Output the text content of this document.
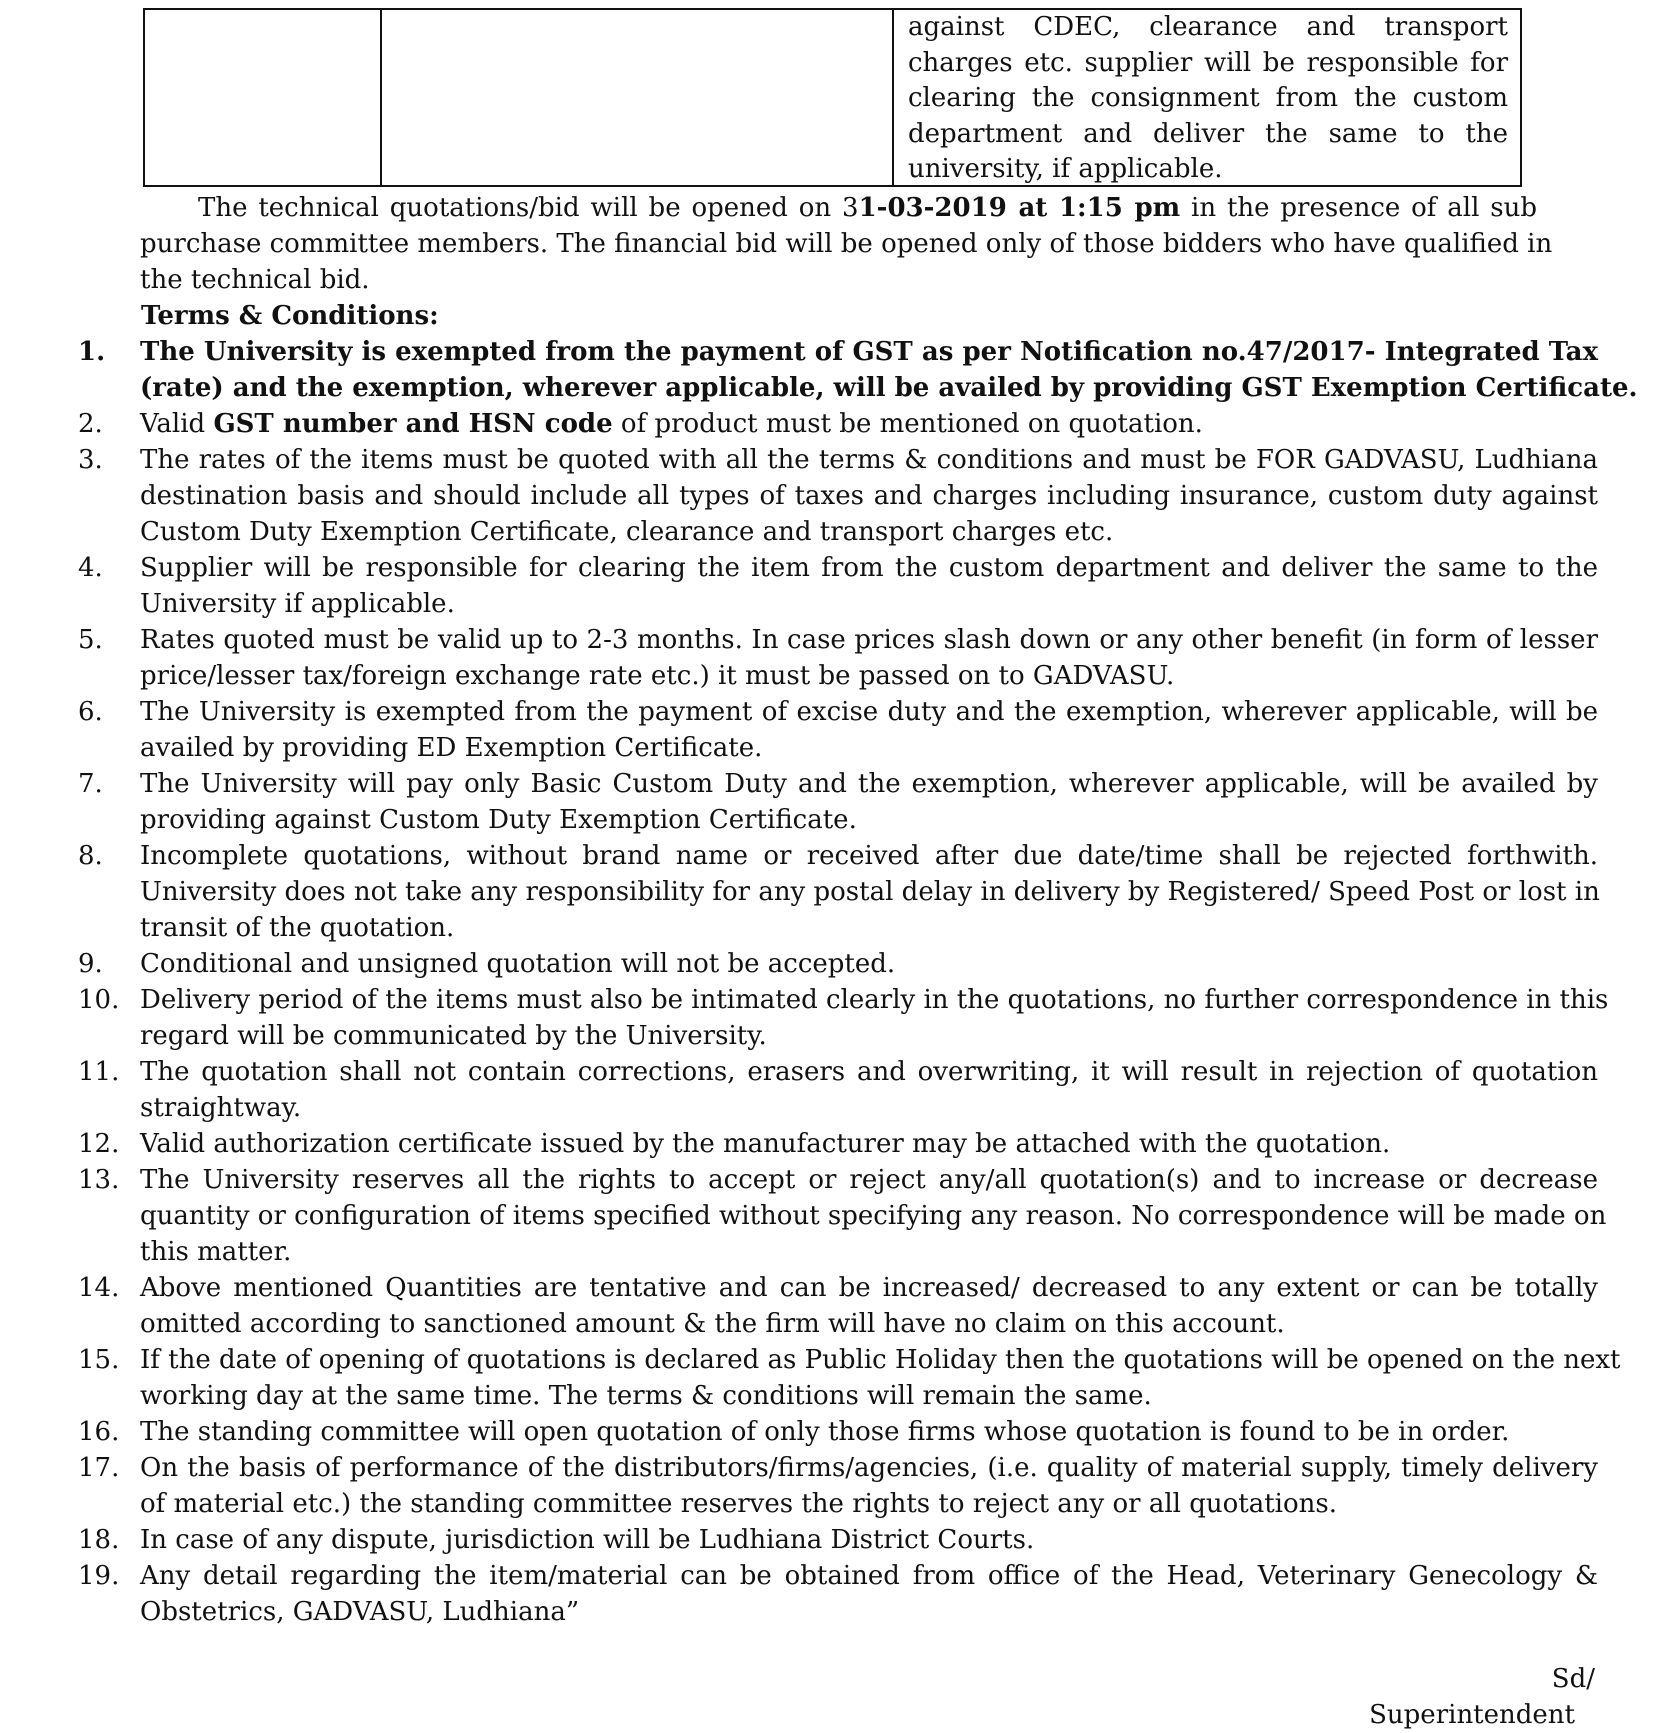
against CDEC, clearance and transport
charges etc. supplier will be responsible for
clearing the consignment from the custom
department and deliver the same to the
university, if applicable.
The technical quotations/bid will be opened on 31-03-2019 at 1:15 pm in the presence of all sub
purchase committee members. The financial bid will be opened only of those bidders who have qualified in
the technical bid.
Terms & Conditions:
1.	The University is exempted from the payment of GST as per Notification no.47/2017- Integrated Tax
(rate) and the exemption, wherever applicable, will be availed by providing GST Exemption Certificate.
2.	Valid GST number and HSN code of product must be mentioned on quotation.
3.	The rates of the items must be quoted with all the terms & conditions and must be FOR GADVASU, Ludhiana
destination basis and should include all types of taxes and charges including insurance, custom duty against
Custom Duty Exemption Certificate, clearance and transport charges etc.
4.	Supplier will be responsible for clearing the item from the custom department and deliver the same to the
University if applicable.
5.	Rates quoted must be valid up to 2-3 months. In case prices slash down or any other benefit (in form of lesser
price/lesser tax/foreign exchange rate etc.) it must be passed on to GADVASU.
6.	The University is exempted from the payment of excise duty and the exemption, wherever applicable, will be
availed by providing ED Exemption Certificate.
7.	The University will pay only Basic Custom Duty and the exemption, wherever applicable, will be availed by
providing against Custom Duty Exemption Certificate.
8.	Incomplete quotations, without brand name or received after due date/time shall be rejected forthwith.
University does not take any responsibility for any postal delay in delivery by Registered/ Speed Post or lost in
transit of the quotation.
9.	Conditional and unsigned quotation will not be accepted.
10. Delivery period of the items must also be intimated clearly in the quotations, no further correspondence in this
regard will be communicated by the University.
11. The quotation shall not contain corrections, erasers and overwriting, it will result in rejection of quotation
straightway.
12. Valid authorization certificate issued by the manufacturer may be attached with the quotation.
13. The University reserves all the rights to accept or reject any/all quotation(s) and to increase or decrease
quantity or configuration of items specified without specifying any reason. No correspondence will be made on
this matter.
14. Above mentioned Quantities are tentative and can be increased/ decreased to any extent or can be totally
omitted according to sanctioned amount & the firm will have no claim on this account.
15. If the date of opening of quotations is declared as Public Holiday then the quotations will be opened on the next
working day at the same time. The terms & conditions will remain the same.
16. The standing committee will open quotation of only those firms whose quotation is found to be in order.
17. On the basis of performance of the distributors/firms/agencies, (i.e. quality of material supply, timely delivery
of material etc.) the standing committee reserves the rights to reject any or all quotations.
18. In case of any dispute, jurisdiction will be Ludhiana District Courts.
19. Any detail regarding the item/material can be obtained from office of the Head, Veterinary Genecology &
Obstetrics, GADVASU, Ludhiana”
Sd/
Superintendent
